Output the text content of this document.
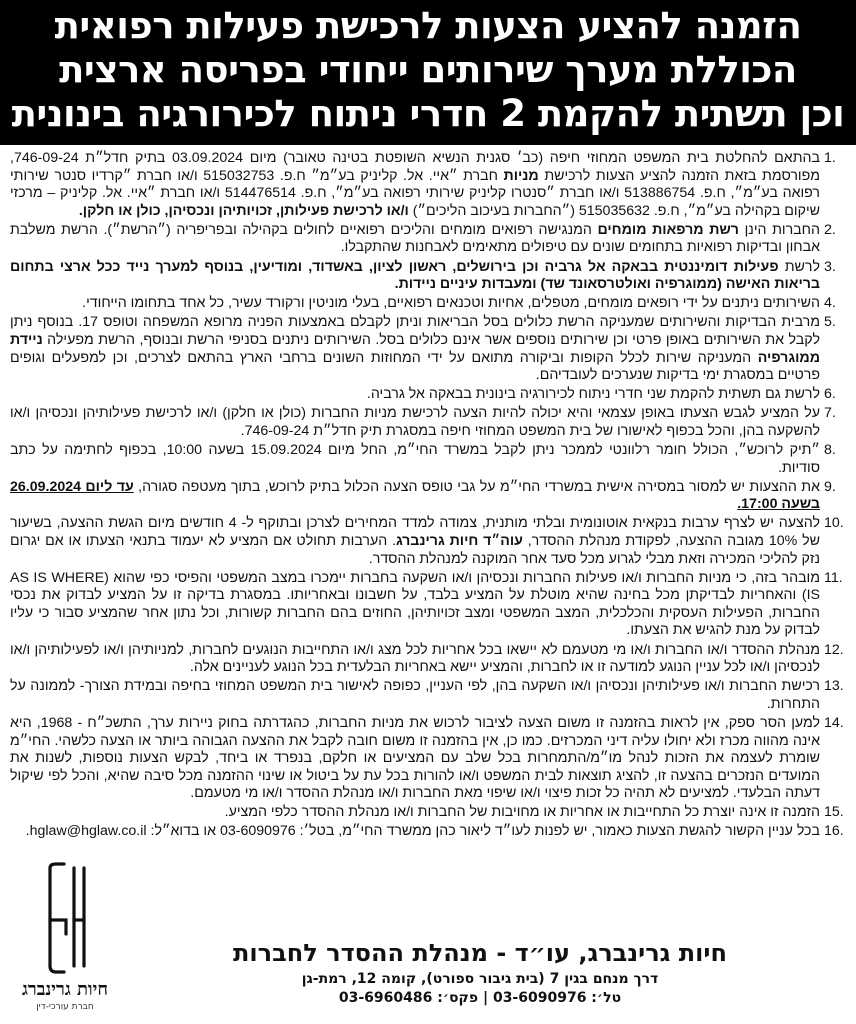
הזמנה להציע הצעות לרכישת פעילות רפואית
הכוללת מערך שירותים ייחודי בפריסה ארצית
וכן תשתית להקמת 2 חדרי ניתוח לכירורגיה בינונית
.1
בהתאם להחלטת בית המשפט המחוזי חיפה (כב׳ סגנית הנשיא השופטת בטינה טאובר) מיום 03.09.2024 בתיק חדל״ת 746-09-24, מפורסמת בזאת הזמנה להציע הצעות לרכישת מניות חברת ״איי. אל. קליניק בע״מ״ ח.פ. 515032753 ו/או חברת ״קרדיו סנטר שירותי רפואה בע״מ״, ח.פ. 513886754 ו/או חברת ״סנטרו קליניק שירותי רפואה בע״מ״, ח.פ. 514476514 ו/או חברת ״איי. אל. קליניק – מרכזי שיקום בקהילה בע״מ״, ח.פ. 515035632 (״החברות בעיכוב הליכים״) ו/או לרכישת פעילותן, זכויותיהן ונכסיהן, כולן או חלקן.
.2
החברות הינן רשת מרפאות מומחים המנגישה רפואים מומחים והליכים רפואיים לחולים בקהילה ובפריפריה (״הרשת״). הרשת משלבת אבחון ובדיקות רפואיות בתחומים שונים עם טיפולים מתאימים לאבחנות שהתקבלו.
.3
לרשת פעילות דומיננטית בבאקה אל גרביה וכן בירושלים, ראשון לציון, באשדוד, ומודיעין, בנוסף למערך נייד ככל ארצי בתחום בריאות האישה (ממוגרפיה ואולטרסאונד שד) ומעבדות עיניים ניידות.
.4
השירותים ניתנים על ידי רופאים מומחים, מטפלים, אחיות וטכנאים רפואיים, בעלי מוניטין ורקורד עשיר, כל אחד בתחומו הייחודי.
.5
מרבית הבדיקות והשירותים שמעניקה הרשת כלולים בסל הבריאות וניתן לקבלם באמצעות הפניה מרופא המשפחה וטופס 17. בנוסף ניתן לקבל את השירותים באופן פרטי וכן שירותים נוספים אשר אינם כלולים בסל. השירותים ניתנים בסניפי הרשת ובנוסף, הרשת מפעילה ניידת ממוגרפיה המעניקה שירות לכלל הקופות וביקורה מתואם על ידי המחוזות השונים ברחבי הארץ בהתאם לצרכים, וכן למפעלים וגופים פרטיים במסגרת ימי בדיקות שנערכים לעובדיהם.
.6
לרשת גם תשתית להקמת שני חדרי ניתוח לכירורגיה בינונית בבאקה אל גרביה.
.7
על המציע לגבש הצעתו באופן עצמאי והיא יכולה להיות הצעה לרכישת מניות החברות (כולן או חלקן) ו/או לרכישת פעילותיהן ונכסיהן ו/או להשקעה בהן, והכל בכפוף לאישורו של בית המשפט המחוזי חיפה במסגרת תיק חדל״ת 746-09-24.
.8
״תיק לרוכש״, הכולל חומר רלוונטי לממכר ניתן לקבל במשרד החי״מ, החל מיום 15.09.2024 בשעה 10:00, בכפוף לחתימה על כתב סודיות.
.9
את ההצעות יש למסור במסירה אישית במשרדי החי״מ על גבי טופס הצעה הכלול בתיק לרוכש, בתוך מעטפה סגורה, עד ליום 26.09.2024 בשעה 17:00.
.10
להצעה יש לצרף ערבות בנקאית אוטונומית ובלתי מותנית, צמודה למדד המחירים לצרכן ובתוקף ל- 4 חודשים מיום הגשת ההצעה, בשיעור של 10% מגובה ההצעה, לפקודת מנהלת ההסדר, עוה״ד חיות גרינברג. הערבות תחולט אם המציע לא יעמוד בתנאי הצעתו או אם יגרום נזק להליכי המכירה וזאת מבלי לגרוע מכל סעד אחר המוקנה למנהלת ההסדר.
.11
מובהר בזה, כי מניות החברות ו/או פעילות החברות ונכסיהן ו/או השקעה בחברות יימכרו במצב המשפטי והפיסי כפי שהוא (AS IS WHERE IS) והאחריות לבדיקתן מכל בחינה שהיא מוטלת על המציע בלבד, על חשבונו ובאחריותו. במסגרת בדיקה זו על המציע לבדוק את נכסי החברות, הפעילות העסקית והכלכלית, המצב המשפטי ומצב זכויותיהן, החוזים בהם החברות קשורות, וכל נתון אחר שהמציע סבור כי עליו לבדוק על מנת להגיש את הצעתו.
.12
מנהלת ההסדר ו/או החברות ו/או מי מטעמם לא יישאו בכל אחריות לכל מצג ו/או התחייבות הנוגעים לחברות, למניותיהן ו/או לפעילותיהן ו/או לנכסיהן ו/או לכל עניין הנוגע למודעה זו או לחברות, והמציע יישא באחריות הבלעדית בכל הנוגע לעניינים אלה.
.13
רכישת החברות ו/או פעילותיהן ונכסיהן ו/או השקעה בהן, לפי העניין, כפופה לאישור בית המשפט המחוזי בחיפה ובמידת הצורך- לממונה על התחרות.
.14
למען הסר ספק, אין לראות בהזמנה זו משום הצעה לציבור לרכוש את מניות החברות, כהגדרתה בחוק ניירות ערך, התשכ״ח - 1968, היא אינה מהווה מכרז ולא יחולו עליה דיני המכרזים. כמו כן, אין בהזמנה זו משום חובה לקבל את ההצעה הגבוהה ביותר או הצעה כלשהי. החי״מ שומרת לעצמה את הזכות לנהל מו״מ/התמחרות בכל שלב עם המציעים או חלקם, בנפרד או ביחד, לבקש הצעות נוספות, לשנות את המועדים הנזכרים בהצעה זו, להציג תוצאות לבית המשפט ו/או להורות בכל עת על ביטול או שינוי ההזמנה מכל סיבה שהיא, והכל לפי שיקול דעתה הבלעדי. למציעים לא תהיה כל זכות פיצוי ו/או שיפוי מאת החברות ו/או מנהלת ההסדר ו/או מי מטעמם.
.15
הזמנה זו אינה יוצרת כל התחייבות או אחריות או מחויבות של החברות ו/או מנהלת ההסדר כלפי המציע.
.16
בכל עניין הקשור להגשת הצעות כאמור, יש לפנות לעו״ד ליאור כהן ממשרד החי״מ, בטל׳: 03-6090976 או בדוא״ל: hglaw@hglaw.co.il.
חיות גרינברג
חברת עורכי-דין
חיות גרינברג, עו״ד - מנהלת ההסדר לחברות
דרך מנחם בגין 7 (בית גיבור ספורט), קומה 12, רמת-גן
טל׳: 03-6090976 | פקס׳: 03-6960486
